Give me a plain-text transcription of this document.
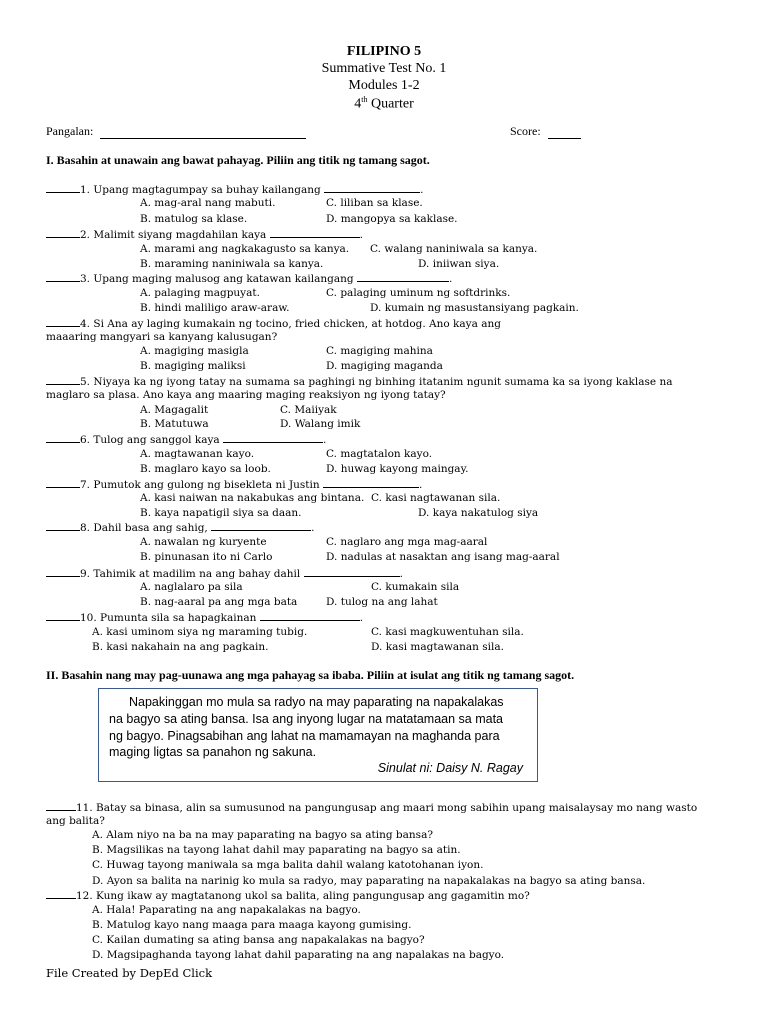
FILIPINO 5
Summative Test No. 1
Modules 1-2
4th Quarter
Pangalan:	Score:
I. Basahin at unawain ang bawat pahayag. Piliin ang titik ng tamang sagot.
1. Upang magtagumpay sa buhay kailangang	.
A. mag-aral nang mabuti.	C. liliban sa klase.
B. matulog sa klase.	D. mangopya sa kaklase.
2. Malimit siyang magdahilan kaya	.
A. marami ang nagkakagusto sa kanya. C. walang naniniwala sa kanya.
B. maraming naniniwala sa kanya.	D. iniiwan siya.
3. Upang maging malusog ang katawan kailangang	.
A. palaging magpuyat.	C. palaging uminum ng softdrinks.
B. hindi maliligo araw-araw.	D. kumain ng masustansiyang pagkain.
4. Si Ana ay laging kumakain ng tocino, fried chicken, at hotdog. Ano kaya ang
maaaring mangyari sa kanyang kalusugan?
A. magiging masigla	C. magiging mahina
B. magiging maliksi	D. magiging maganda
5. Niyaya ka ng iyong tatay na sumama sa paghingi ng binhing itatanim ngunit sumama ka sa iyong kaklase na
maglaro sa plasa. Ano kaya ang maaring maging reaksiyon ng iyong tatay?
A. Magagalit	C. Maiiyak
B. Matutuwa	D. Walang imik
6. Tulog ang sanggol kaya	.
A. magtawanan kayo.	C. magtatalon kayo.
B. maglaro kayo sa loob.	D. huwag kayong maingay.
7. Pumutok ang gulong ng bisekleta ni Justin	.
A. kasi naiwan na nakabukas ang bintana. C. kasi nagtawanan sila.
B. kaya napatigil siya sa daan.	D. kaya nakatulog siya
8. Dahil basa ang sahig,	.
A. nawalan ng kuryente	C. naglaro ang mga mag-aaral
B. pinunasan ito ni Carlo	D. nadulas at nasaktan ang isang mag-aaral
9. Tahimik at madilim na ang bahay dahil	.
A. naglalaro pa sila	C. kumakain sila
B. nag-aaral pa ang mga bata	D. tulog na ang lahat
10. Pumunta sila sa hapagkainan	.
A. kasi uminom siya ng maraming tubig.	C. kasi magkuwentuhan sila.
B. kasi nakahain na ang pagkain.	D. kasi magtawanan sila.
II. Basahin nang may pag-uunawa ang mga pahayag sa ibaba. Piliin at isulat ang titik ng tamang sagot.
Napakinggan mo mula sa radyo na may paparating na napakalakas
na bagyo sa ating bansa. Isa ang inyong lugar na matatamaan sa mata
ng bagyo. Pinagsabihan ang lahat na mamamayan na maghanda para
maging ligtas sa panahon ng sakuna.
Sinulat ni: Daisy N. Ragay
11. Batay sa binasa, alin sa sumusunod na pangungusap ang maari mong sabihin upang maisalaysay mo nang wasto
ang balita?
A. Alam niyo na ba na may paparating na bagyo sa ating bansa?
B. Magsilikas na tayong lahat dahil may paparating na bagyo sa atin.
C. Huwag tayong maniwala sa mga balita dahil walang katotohanan iyon.
D. Ayon sa balita na narinig ko mula sa radyo, may paparating na napakalakas na bagyo sa ating bansa.
12. Kung ikaw ay magtatanong ukol sa balita, aling pangungusap ang gagamitin mo?
A. Hala! Paparating na ang napakalakas na bagyo.
B. Matulog kayo nang maaga para maaga kayong gumising.
C. Kailan dumating sa ating bansa ang napakalakas na bagyo?
D. Magsipaghanda tayong lahat dahil paparating na ang napalakas na bagyo.
File Created by DepEd Click
